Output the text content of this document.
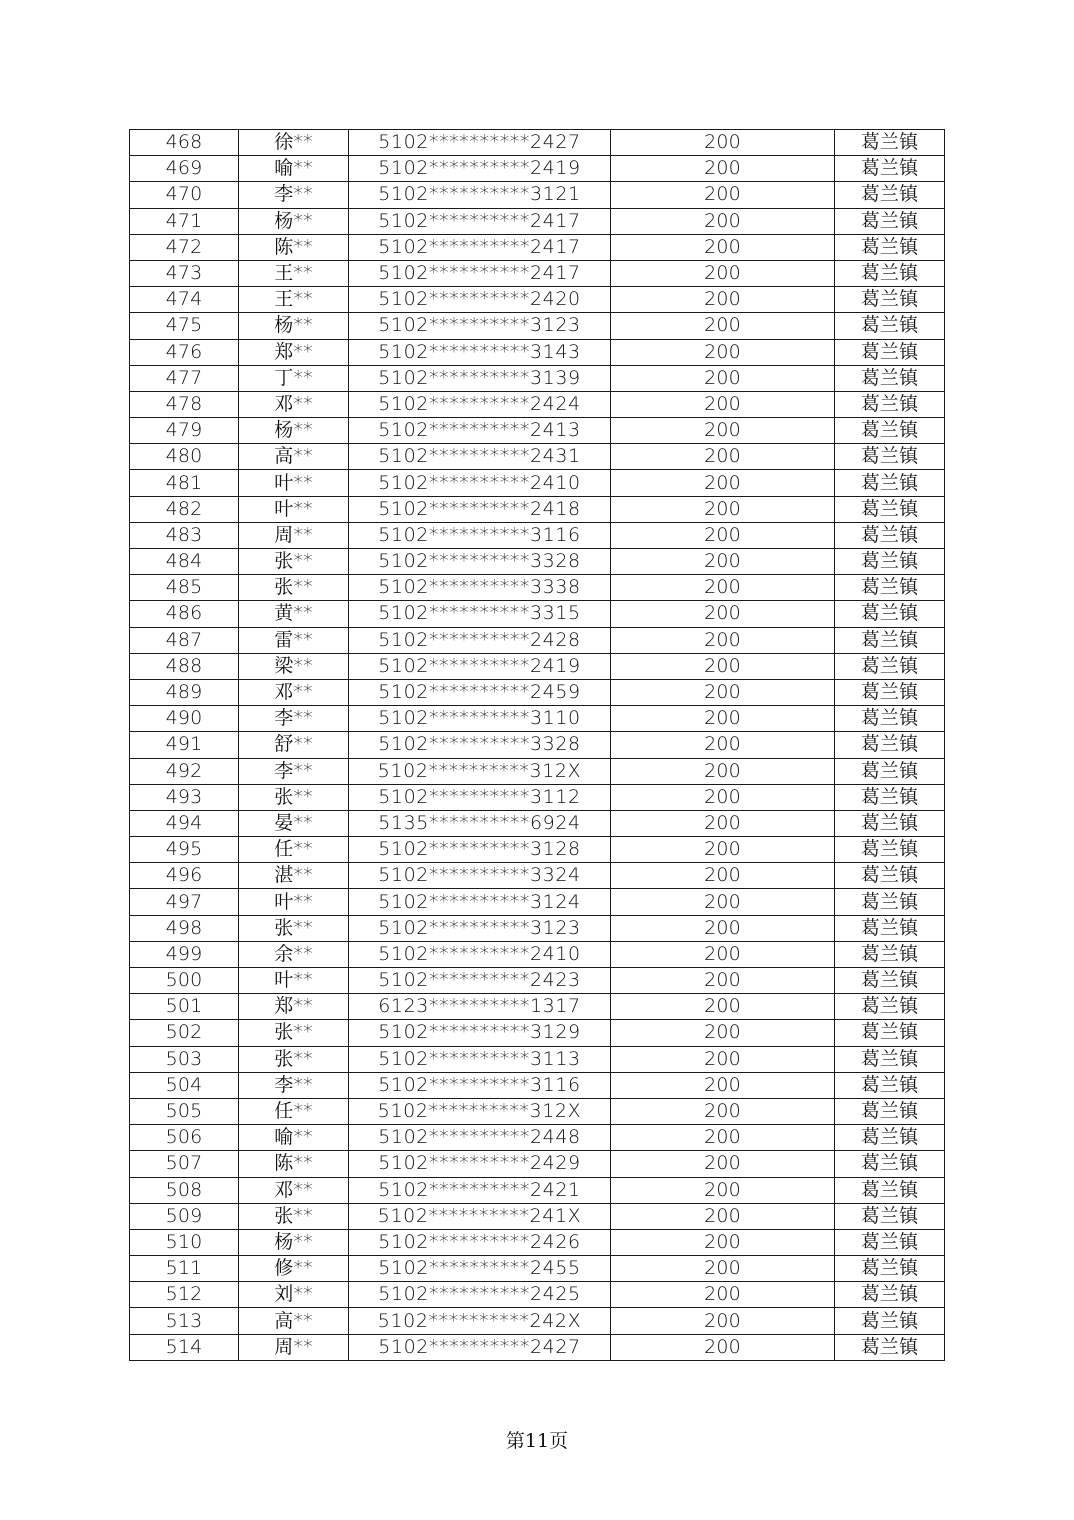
468	徐**	5102**********2427	200	葛兰镇
469	喻**	5102**********2419	200	葛兰镇
470	李**	5102**********3121	200	葛兰镇
471	杨**	5102**********2417	200	葛兰镇
472	陈**	5102**********2417	200	葛兰镇
473	王**	5102**********2417	200	葛兰镇
474	王**	5102**********2420	200	葛兰镇
475	杨**	5102**********3123	200	葛兰镇
476	郑**	5102**********3143	200	葛兰镇
477	丁**	5102**********3139	200	葛兰镇
478	邓**	5102**********2424	200	葛兰镇
479	杨**	5102**********2413	200	葛兰镇
480	高**	5102**********2431	200	葛兰镇
481	叶**	5102**********2410	200	葛兰镇
482	叶**	5102**********2418	200	葛兰镇
483	周**	5102**********3116	200	葛兰镇
484	张**	5102**********3328	200	葛兰镇
485	张**	5102**********3338	200	葛兰镇
486	黄**	5102**********3315	200	葛兰镇
487	雷**	5102**********2428	200	葛兰镇
488	梁**	5102**********2419	200	葛兰镇
489	邓**	5102**********2459	200	葛兰镇
490	李**	5102**********3110	200	葛兰镇
491	舒**	5102**********3328	200	葛兰镇
492	李**	5102**********312X	200	葛兰镇
493	张**	5102**********3112	200	葛兰镇
494	晏**	5135**********6924	200	葛兰镇
495	任**	5102**********3128	200	葛兰镇
496	湛**	5102**********3324	200	葛兰镇
497	叶**	5102**********3124	200	葛兰镇
498	张**	5102**********3123	200	葛兰镇
499	余**	5102**********2410	200	葛兰镇
500	叶**	5102**********2423	200	葛兰镇
501	郑**	6123**********1317	200	葛兰镇
502	张**	5102**********3129	200	葛兰镇
503	张**	5102**********3113	200	葛兰镇
504	李**	5102**********3116	200	葛兰镇
505	任**	5102**********312X	200	葛兰镇
506	喻**	5102**********2448	200	葛兰镇
507	陈**	5102**********2429	200	葛兰镇
508	邓**	5102**********2421	200	葛兰镇
509	张**	5102**********241X	200	葛兰镇
510	杨**	5102**********2426	200	葛兰镇
511	修**	5102**********2455	200	葛兰镇
512	刘**	5102**********2425	200	葛兰镇
513	高**	5102**********242X	200	葛兰镇
514	周**	5102**********2427	200	葛兰镇
第11页
